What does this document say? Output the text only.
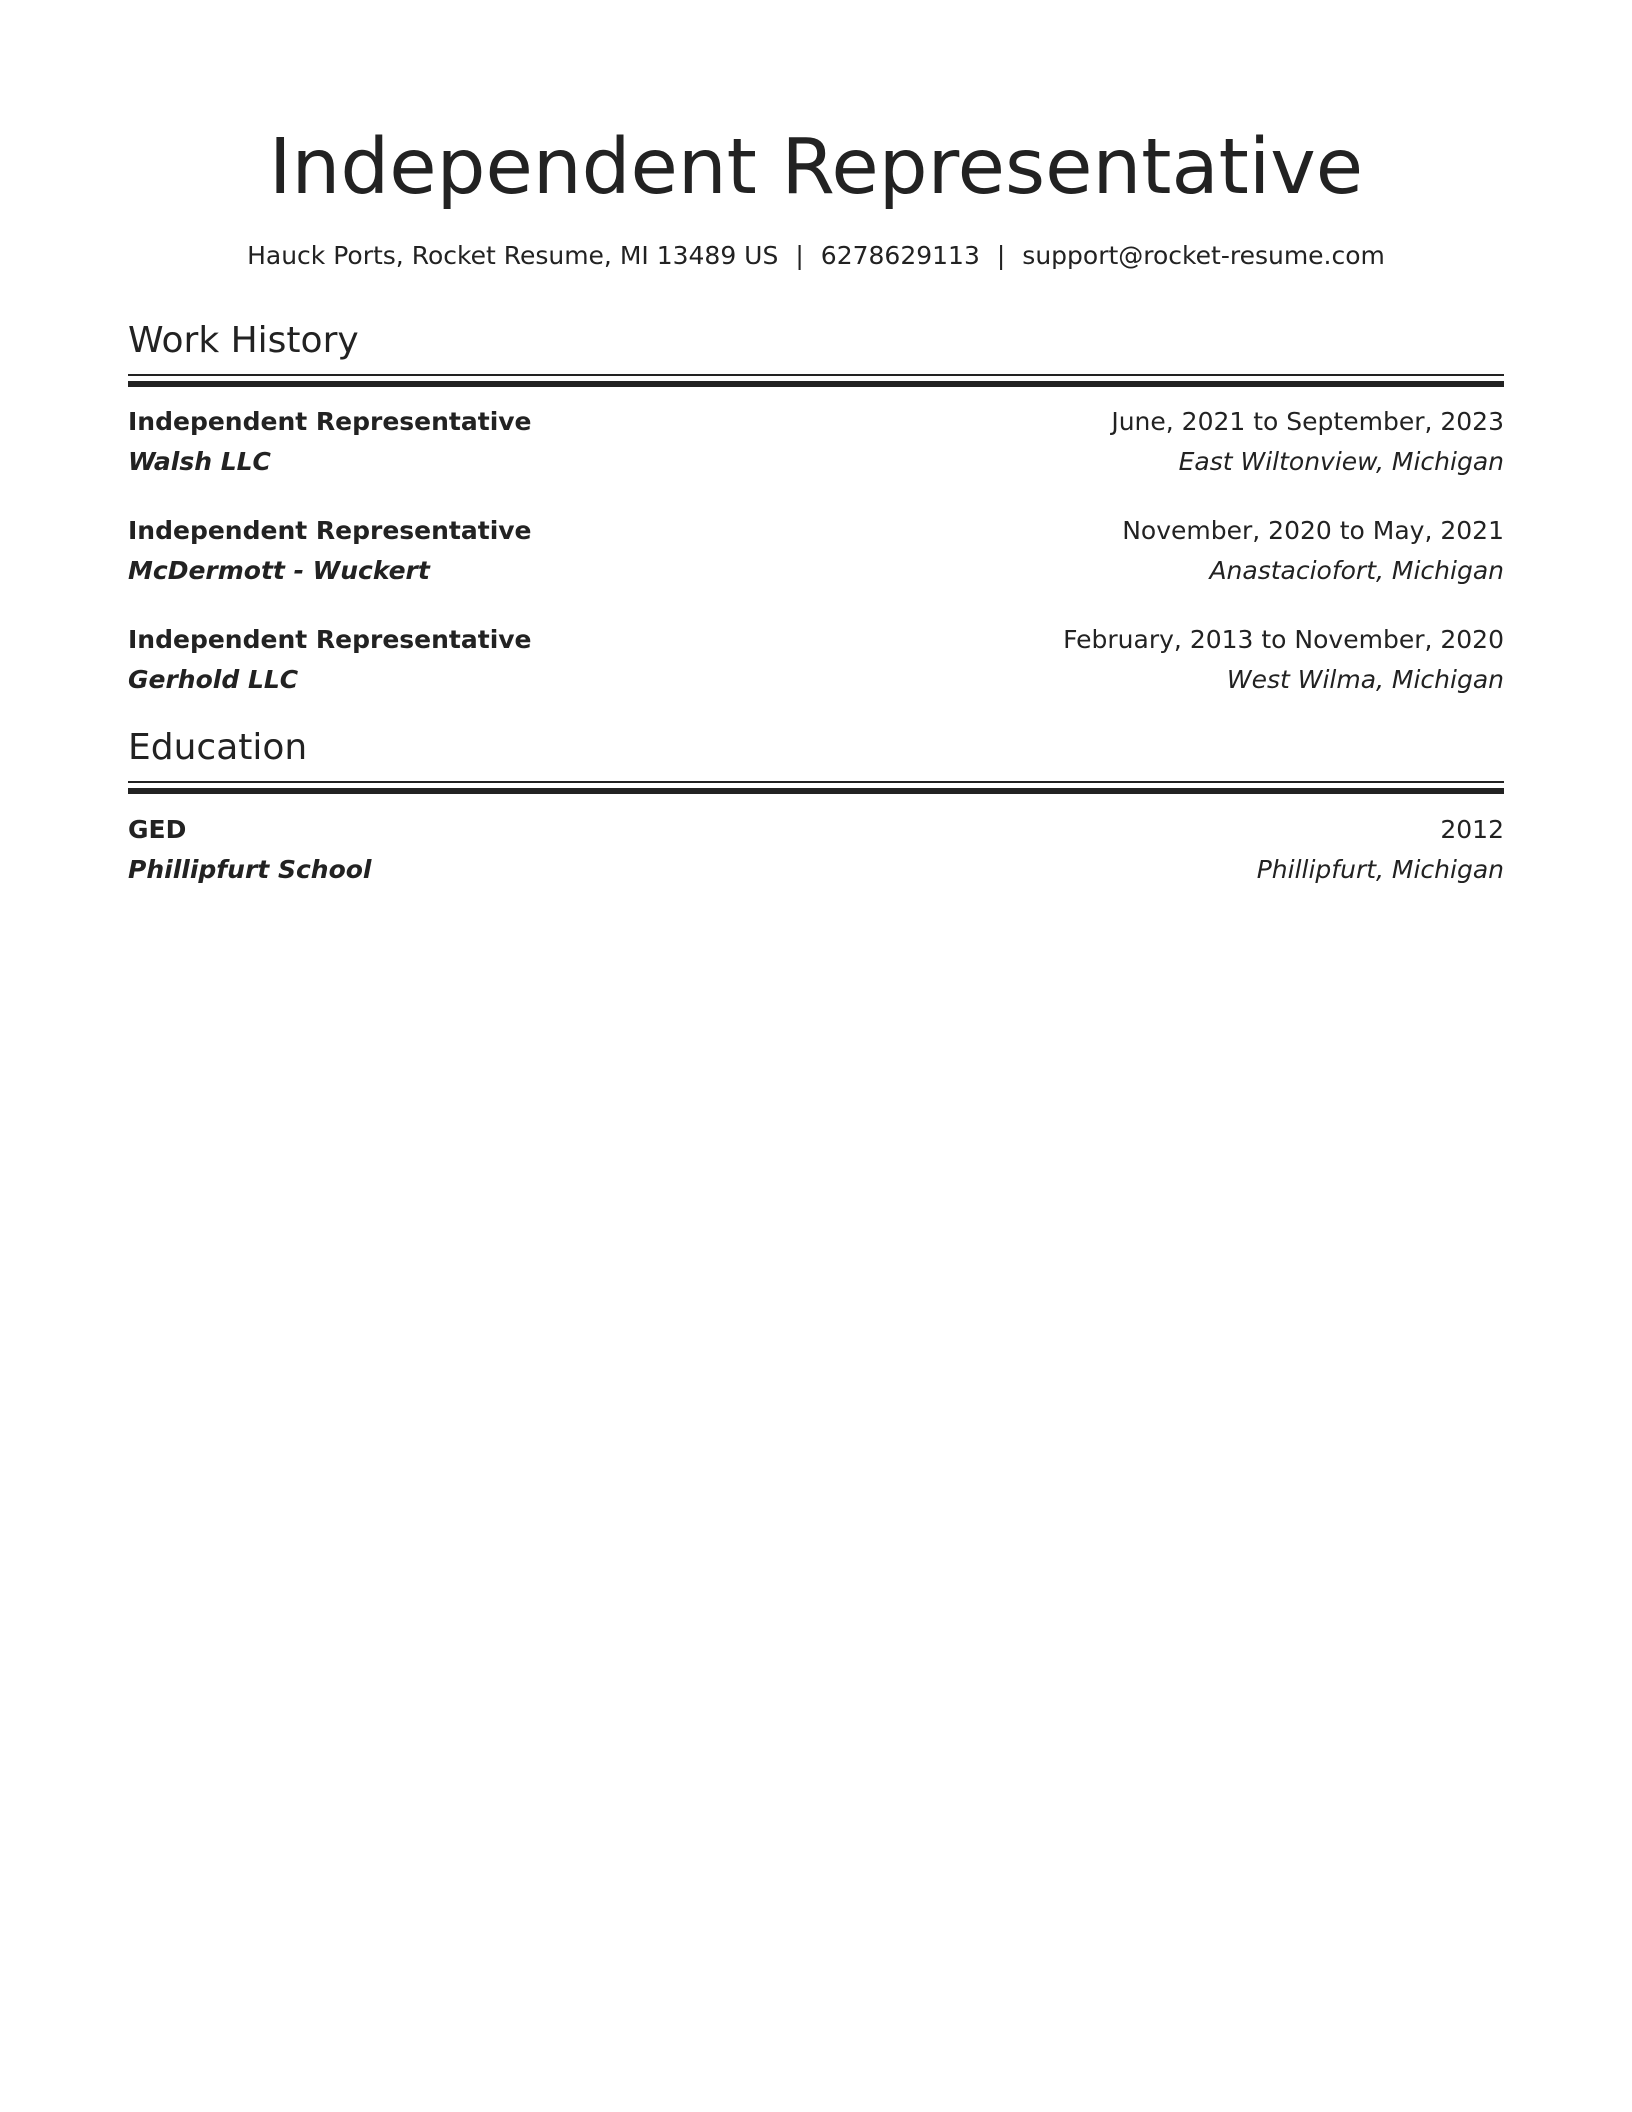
Independent Representative
Hauck Ports, Rocket Resume, MI 13489 US | 6278629113 | support@rocket-resume.com
Work History
Independent Representative	June, 2021 to September, 2023
Walsh LLC	East Wiltonview, Michigan
Independent Representative	November, 2020 to May, 2021
McDermott - Wuckert	Anastaciofort, Michigan
Independent Representative	February, 2013 to November, 2020
Gerhold LLC	West Wilma, Michigan
Education
GED	2012
Phillipfurt School	Phillipfurt, Michigan
